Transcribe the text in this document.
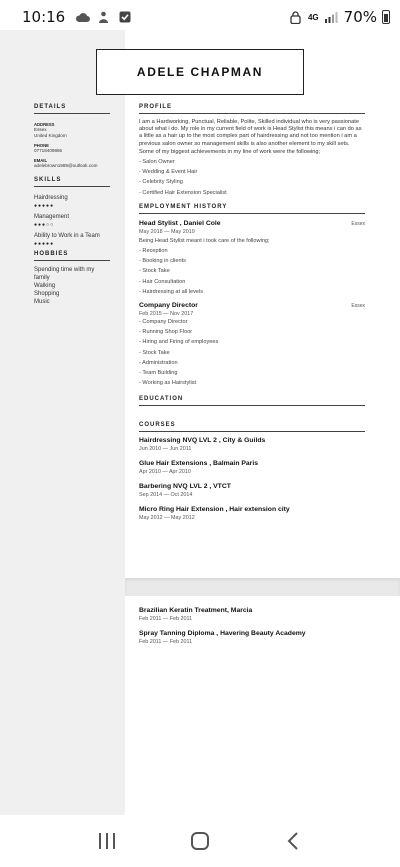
10:16	4G 70%
ADELE CHAPMAN
DETAILS
ADDRESS
Essex
United Kingdom
PHONE
07718409865
EMAIL
adelebrown1989@outlook.com
SKILLS
Hairdressing
●●●●●
Management
●●●○○
Ability to Work in a Team
●●●●●
HOBBIES
Spending time with my family
Walking
Shopping
Music
PROFILE
I am a Hardworking, Punctual, Reliable, Polite, Skilled individual who is very passionate about what i do. My role in my current field of work is Head Stylist this means i can do as a little as a hair up to the most complex part of hairdressing and not too mention i am a previous salon owner so management skills is also another element to my skill sets.
Some of my biggest achievements in my line of work were the following;
- Salon Owner
- Wedding & Event Hair
- Celebrity Styling
- Certified Hair Extension Specialist
EMPLOYMENT HISTORY
Head Stylist , Daniel Cole	Essex
May 2018 — May 2019
Being Head Stylist meant i took care of the following;
- Reception
- Booking in clients
- Stock Take
- Hair Consultation
- Hairdressing at all levels
Company Director	Essex
Feb 2015 — Nov 2017
- Company Director
- Running Shop Floor
- Hiring and Firing of employees
- Stock Take
- Administration
- Team Building
- Working as Hairstylist
EDUCATION
COURSES
Hairdressing NVQ LVL 2 , City & Guilds
Jun 2010 — Jun 2011
Glue Hair Extensions , Balmain Paris
Apr 2010 — Apr 2010
Barbering NVQ LVL 2 , VTCT
Sep 2014 — Oct 2014
Micro Ring Hair Extension , Hair extension city
May 2012 — May 2012
Brazilian Keratin Treatment, Marcia
Feb 2011 — Feb 2011
Spray Tanning Diploma , Havering Beauty Academy
Feb 2011 — Feb 2011
